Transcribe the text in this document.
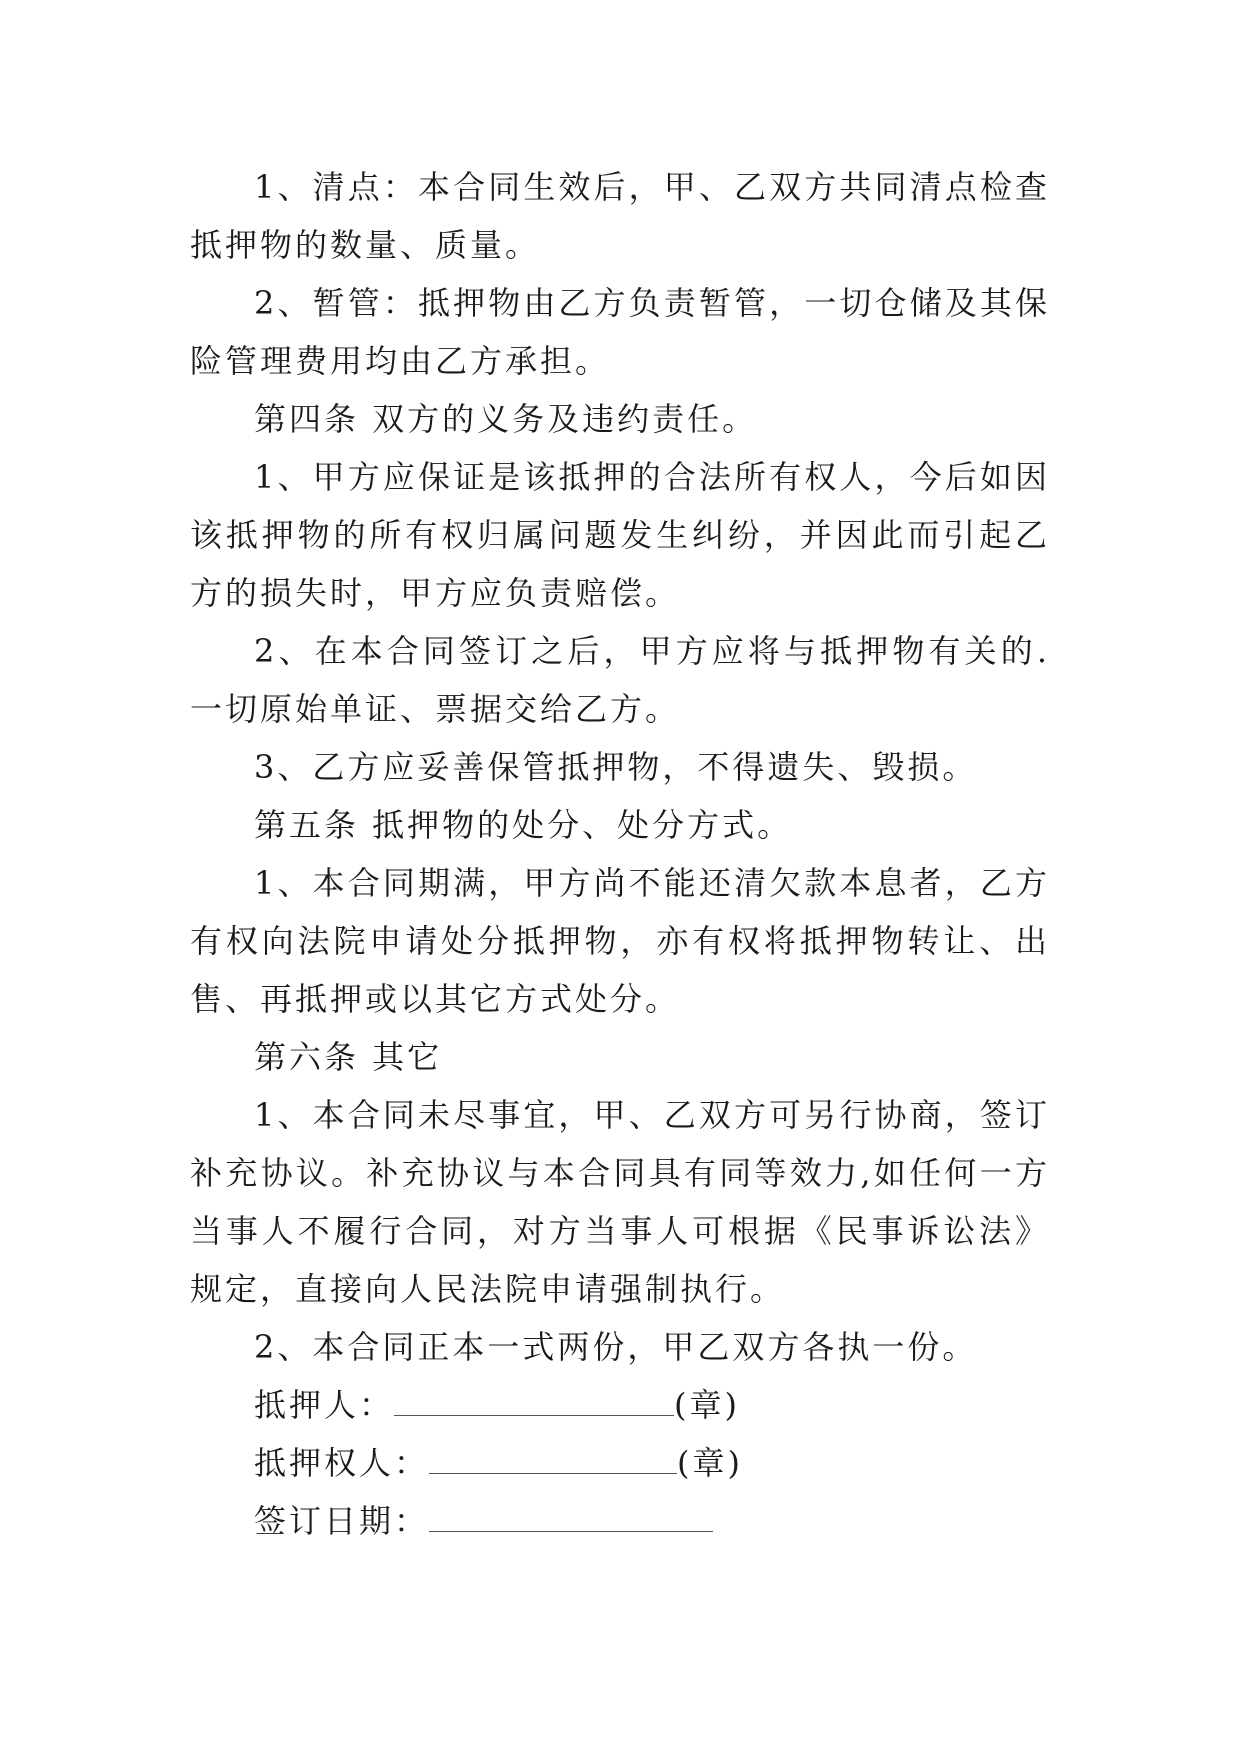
1、清点：本合同生效后，甲、乙双方共同清点检查抵押物的数量、质量。

2、暂管：抵押物由乙方负责暂管，一切仓储及其保险管理费用均由乙方承担。

第四条 双方的义务及违约责任。

1、甲方应保证是该抵押的合法所有权人，今后如因该抵押物的所有权归属问题发生纠纷，并因此而引起乙方的损失时，甲方应负责赔偿。

2、在本合同签订之后，甲方应将与抵押物有关的.一切原始单证、票据交给乙方。

3、乙方应妥善保管抵押物，不得遗失、毁损。

第五条 抵押物的处分、处分方式。

1、本合同期满，甲方尚不能还清欠款本息者，乙方有权向法院申请处分抵押物，亦有权将抵押物转让、出售、再抵押或以其它方式处分。

第六条 其它

1、本合同未尽事宜，甲、乙双方可另行协商，签订补充协议。补充协议与本合同具有同等效力,如任何一方当事人不履行合同，对方当事人可根据《民事诉讼法》规定，直接向人民法院申请强制执行。

2、本合同正本一式两份，甲乙双方各执一份。

抵押人：	(章)
抵押权人：	(章)
签订日期：
